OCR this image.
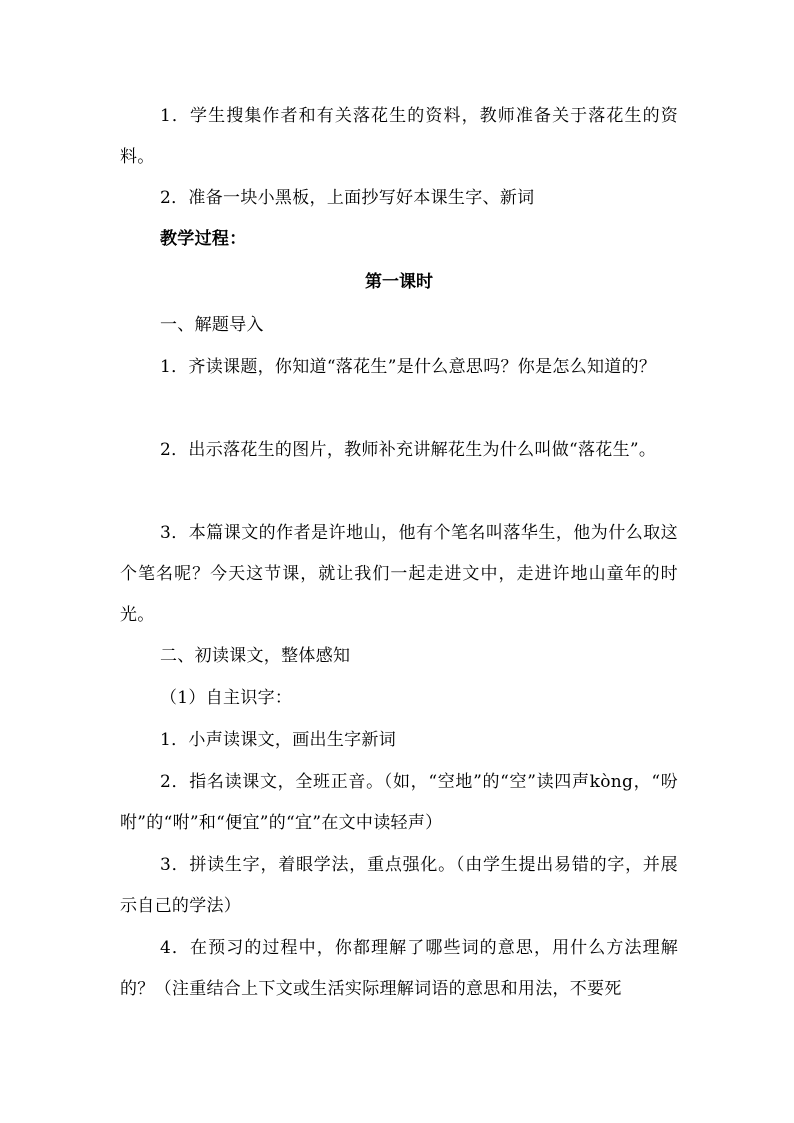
1．学生搜集作者和有关落花生的资料，教师准备关于落花生的资料。
2．准备一块小黑板，上面抄写好本课生字、新词
教学过程：
第一课时
一、解题导入
1．齐读课题，你知道“落花生”是什么意思吗？你是怎么知道的？
2．出示落花生的图片，教师补充讲解花生为什么叫做“落花生”。
3．本篇课文的作者是许地山，他有个笔名叫落华生，他为什么取这个笔名呢？今天这节课，就让我们一起走进文中，走进许地山童年的时光。
二、初读课文，整体感知
（1）自主识字：
1．小声读课文，画出生字新词
2．指名读课文，全班正音。（如，“空地”的“空”读四声kòng，“吩咐”的“咐”和“便宜”的“宜”在文中读轻声）
3．拼读生字，着眼学法，重点强化。（由学生提出易错的字，并展示自己的学法）
4．在预习的过程中，你都理解了哪些词的意思，用什么方法理解的？（注重结合上下文或生活实际理解词语的意思和用法，不要死
